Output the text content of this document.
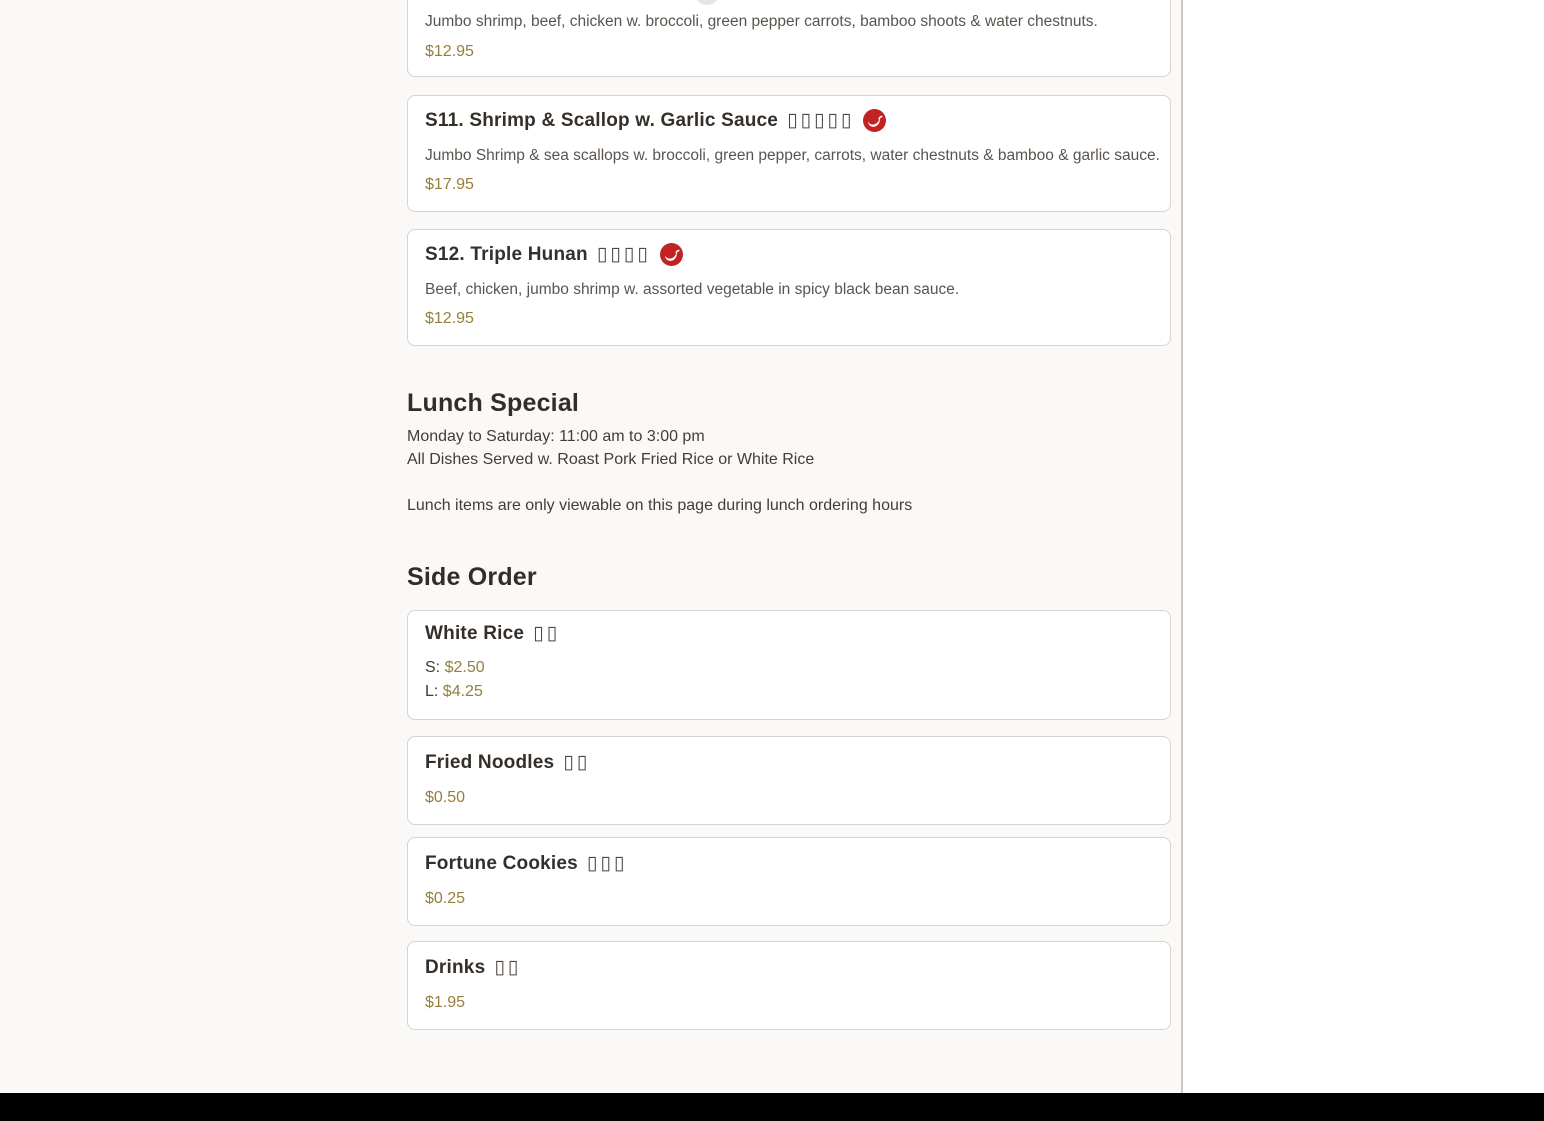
Jumbo shrimp, beef, chicken w. broccoli, green pepper carrots, bamboo shoots & water chestnuts.
$12.95
S11. Shrimp & Scallop w. Garlic Sauce ▯▯▯▯▯
Jumbo Shrimp & sea scallops w. broccoli, green pepper, carrots, water chestnuts & bamboo & garlic sauce.
$17.95
S12. Triple Hunan ▯▯▯▯
Beef, chicken, jumbo shrimp w. assorted vegetable in spicy black bean sauce.
$12.95
Lunch Special
Monday to Saturday: 11:00 am to 3:00 pm
All Dishes Served w. Roast Pork Fried Rice or White Rice
Lunch items are only viewable on this page during lunch ordering hours
Side Order
White Rice ▯▯
S: $2.50
L: $4.25
Fried Noodles ▯▯
$0.50
Fortune Cookies ▯▯▯
$0.25
Drinks ▯▯
$1.95
